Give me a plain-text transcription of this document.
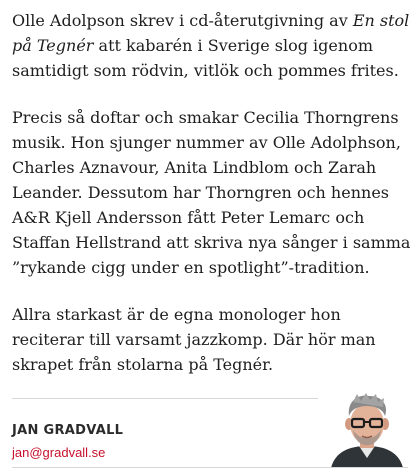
Olle Adolpson skrev i cd-återutgivning av En stol på Tegnér att kabarén i Sverige slog igenom samtidigt som rödvin, vitlök och pommes frites.

Precis så doftar och smakar Cecilia Thorngrens musik. Hon sjunger nummer av Olle Adolphson, Charles Aznavour, Anita Lindblom och Zarah Leander. Dessutom har Thorngren och hennes A&R Kjell Andersson fått Peter Lemarc och Staffan Hellstrand att skriva nya sånger i samma ”rykande cigg under en spotlight”-tradition.

Allra starkast är de egna monologer hon reciterar till varsamt jazzkomp. Där hör man skrapet från stolarna på Tegnér.

JAN GRADVALL
jan@gradvall.se
